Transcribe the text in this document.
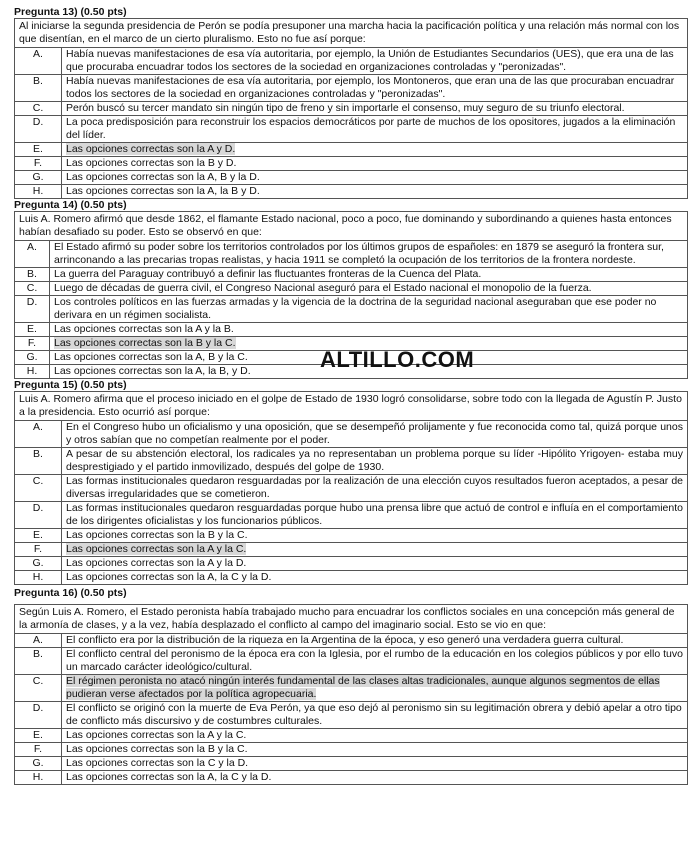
Pregunta 13) (0.50 pts)
Al iniciarse la segunda presidencia de Perón se podía presuponer una marcha hacia la pacificación política y una relación más normal con los que disentían, en el marco de un cierto pluralismo. Esto no fue así porque:
A.	Había nuevas manifestaciones de esa vía autoritaria, por ejemplo, la Unión de Estudiantes Secundarios (UES), que era una de las que procuraba encuadrar todos los sectores de la sociedad en organizaciones controladas y "peronizadas".
B.	Había nuevas manifestaciones de esa vía autoritaria, por ejemplo, los Montoneros, que eran una de las que procuraban encuadrar todos los sectores de la sociedad en organizaciones controladas y "peronizadas".
C.	Perón buscó su tercer mandato sin ningún tipo de freno y sin importarle el consenso, muy seguro de su triunfo electoral.
D.	La poca predisposición para reconstruir los espacios democráticos por parte de muchos de los opositores, jugados a la eliminación del líder.
E.	Las opciones correctas son la A y D.
F.	Las opciones correctas son la B y D.
G.	Las opciones correctas son la A, B y la D.
H.	Las opciones correctas son la A, la B y D.
Pregunta 14) (0.50 pts)
Luis A. Romero afirmó que desde 1862, el flamante Estado nacional, poco a poco, fue dominando y subordinando a quienes hasta entonces habían desafiado su poder. Esto se observó en que:
A.	El Estado afirmó su poder sobre los territorios controlados por los últimos grupos de españoles: en 1879 se aseguró la frontera sur, arrinconando a las precarias tropas realistas, y hacia 1911 se completó la ocupación de los territorios de la frontera nordeste.
B.	La guerra del Paraguay contribuyó a definir las fluctuantes fronteras de la Cuenca del Plata.
C.	Luego de décadas de guerra civil, el Congreso Nacional aseguró para el Estado nacional el monopolio de la fuerza.
D.	Los controles políticos en las fuerzas armadas y la vigencia de la doctrina de la seguridad nacional aseguraban que ese poder no derivara en un régimen socialista.
E.	Las opciones correctas son la A y la B.
F.	Las opciones correctas son la B y la C.
G.	Las opciones correctas son la A, B y la C.
H.	Las opciones correctas son la A, la B, y D.
Pregunta 15) (0.50 pts)
Luis A. Romero afirma que el proceso iniciado en el golpe de Estado de 1930 logró consolidarse, sobre todo con la llegada de Agustín P. Justo a la presidencia. Esto ocurrió así porque:
A.	En el Congreso hubo un oficialismo y una oposición, que se desempeñó prolijamente y fue reconocida como tal, quizá porque unos y otros sabían que no competían realmente por el poder.
B.	A pesar de su abstención electoral, los radicales ya no representaban un problema porque su líder -Hipólito Yrigoyen- estaba muy desprestigiado y el partido inmovilizado, después del golpe de 1930.
C.	Las formas institucionales quedaron resguardadas por la realización de una elección cuyos resultados fueron aceptados, a pesar de diversas irregularidades que se cometieron.
D.	Las formas institucionales quedaron resguardadas porque hubo una prensa libre que actuó de control e influía en el comportamiento de los dirigentes oficialistas y los funcionarios públicos.
E.	Las opciones correctas son la B y la C.
F.	Las opciones correctas son la A y la C.
G.	Las opciones correctas son la A y la D.
H.	Las opciones correctas son la A, la C y la D.
Pregunta 16) (0.50 pts)
Según Luis A. Romero, el Estado peronista había trabajado mucho para encuadrar los conflictos sociales en una concepción más general de la armonía de clases, y a la vez, había desplazado el conflicto al campo del imaginario social. Esto se vio en que:
A.	El conflicto era por la distribución de la riqueza en la Argentina de la época, y eso generó una verdadera guerra cultural.
B.	El conflicto central del peronismo de la época era con la Iglesia, por el rumbo de la educación en los colegios públicos y por ello tuvo un marcado carácter ideológico/cultural.
C.	El régimen peronista no atacó ningún interés fundamental de las clases altas tradicionales, aunque algunos segmentos de ellas pudieran verse afectados por la política agropecuaria.
D.	El conflicto se originó con la muerte de Eva Perón, ya que eso dejó al peronismo sin su legitimación obrera y debió apelar a otro tipo de conflicto más discursivo y de costumbres culturales.
E.	Las opciones correctas son la A y la C.
F.	Las opciones correctas son la B y la C.
G.	Las opciones correctas son la C y la D.
H.	Las opciones correctas son la A, la C y la D.
ALTILLO.COM
